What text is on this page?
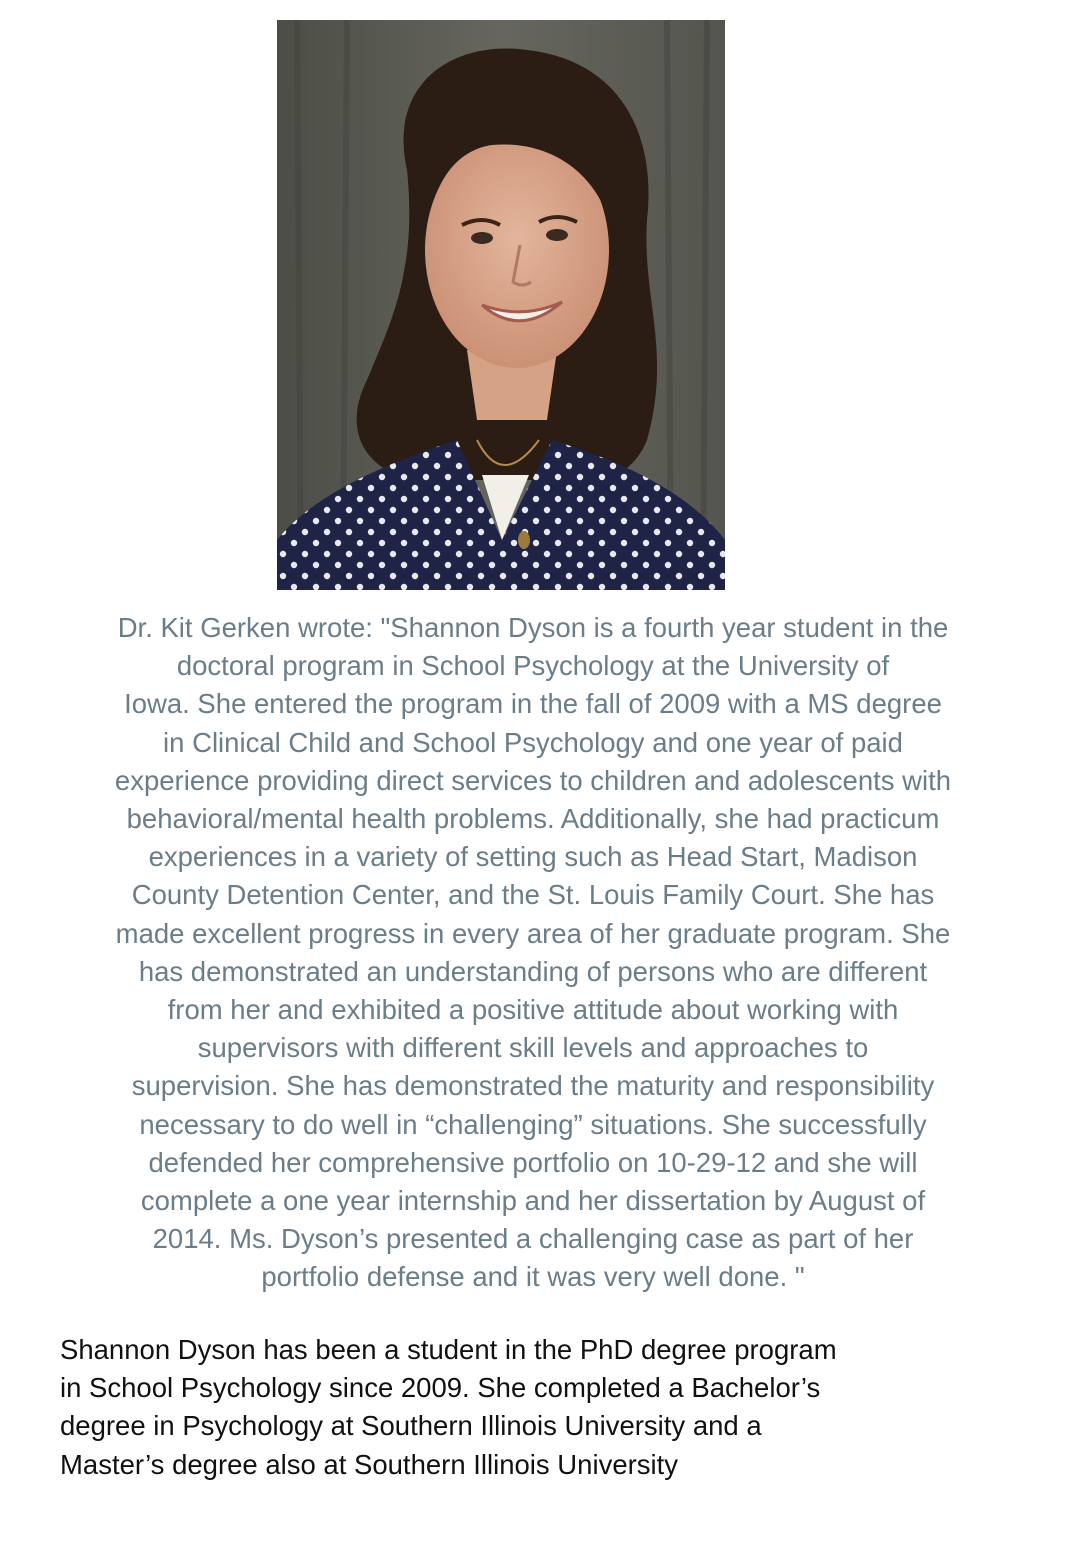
Dr. Kit Gerken wrote: "Shannon Dyson is a fourth year student in the
doctoral program in School Psychology at the University of
Iowa. She entered the program in the fall of 2009 with a MS degree
in Clinical Child and School Psychology and one year of paid
experience providing direct services to children and adolescents with
behavioral/mental health problems. Additionally, she had practicum
experiences in a variety of setting such as Head Start, Madison
County Detention Center, and the St. Louis Family Court. She has
made excellent progress in every area of her graduate program. She
has demonstrated an understanding of persons who are different
from her and exhibited a positive attitude about working with
supervisors with different skill levels and approaches to
supervision. She has demonstrated the maturity and responsibility
necessary to do well in “challenging” situations. She successfully
defended her comprehensive portfolio on 10-29-12 and she will
complete a one year internship and her dissertation by August of
2014. Ms. Dyson’s presented a challenging case as part of her
portfolio defense and it was very well done. "

Shannon Dyson has been a student in the PhD degree program
in School Psychology since 2009. She completed a Bachelor’s
degree in Psychology at Southern Illinois University and a
Master’s degree also at Southern Illinois University
